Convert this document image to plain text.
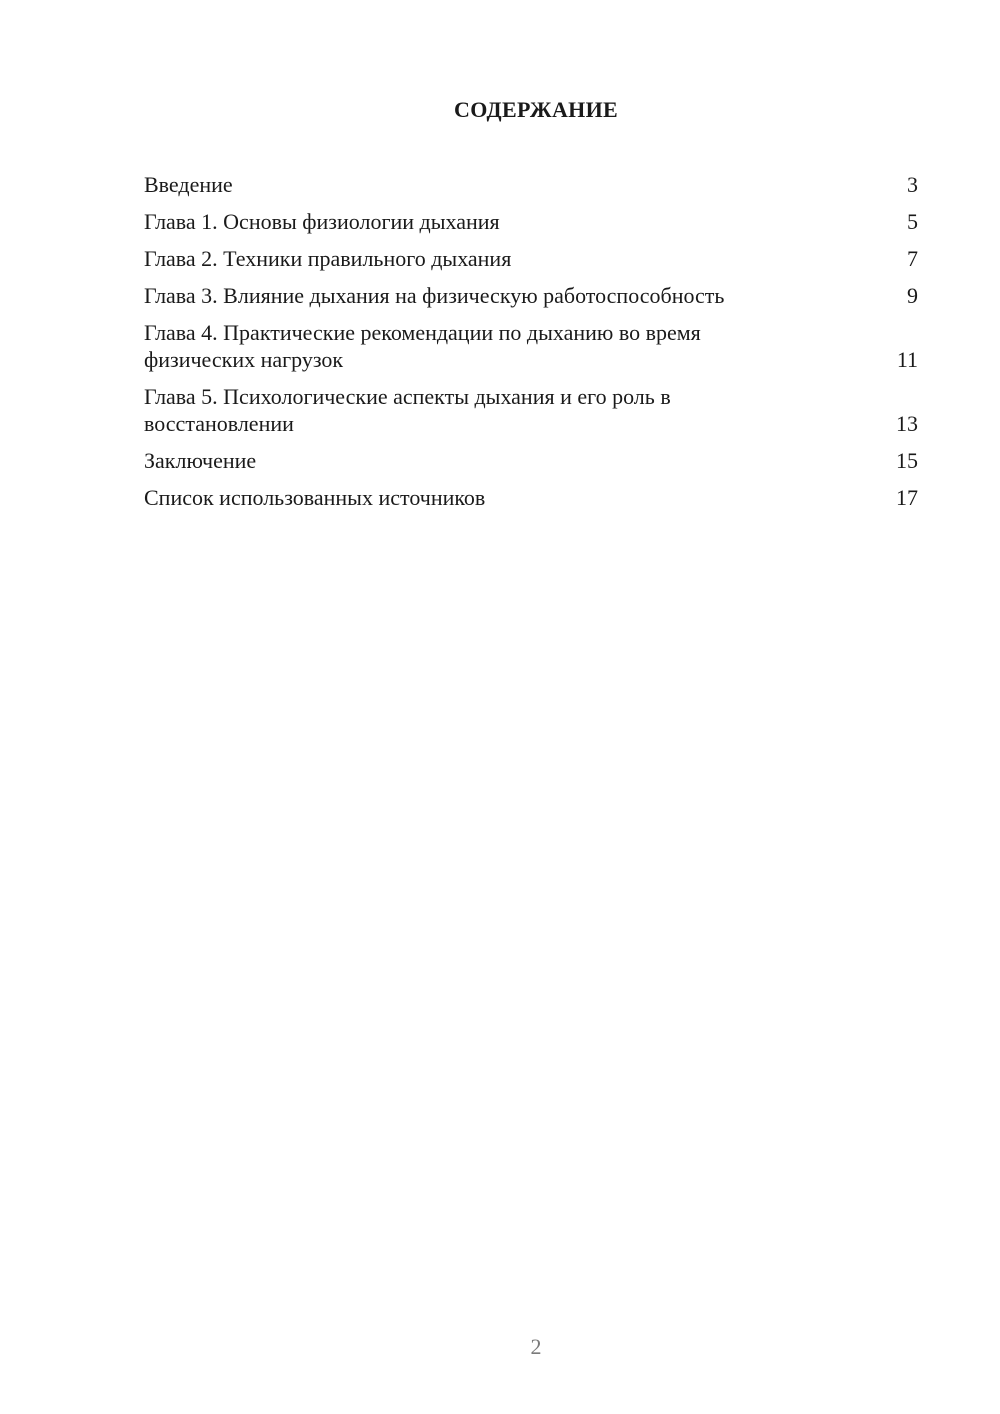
СОДЕРЖАНИЕ
Введение	3
Глава 1. Основы физиологии дыхания	5
Глава 2. Техники правильного дыхания	7
Глава 3. Влияние дыхания на физическую работоспособность	9
Глава 4. Практические рекомендации по дыханию во время физических нагрузок	11
Глава 5. Психологические аспекты дыхания и его роль в восстановлении	13
Заключение	15
Список использованных источников	17
2
